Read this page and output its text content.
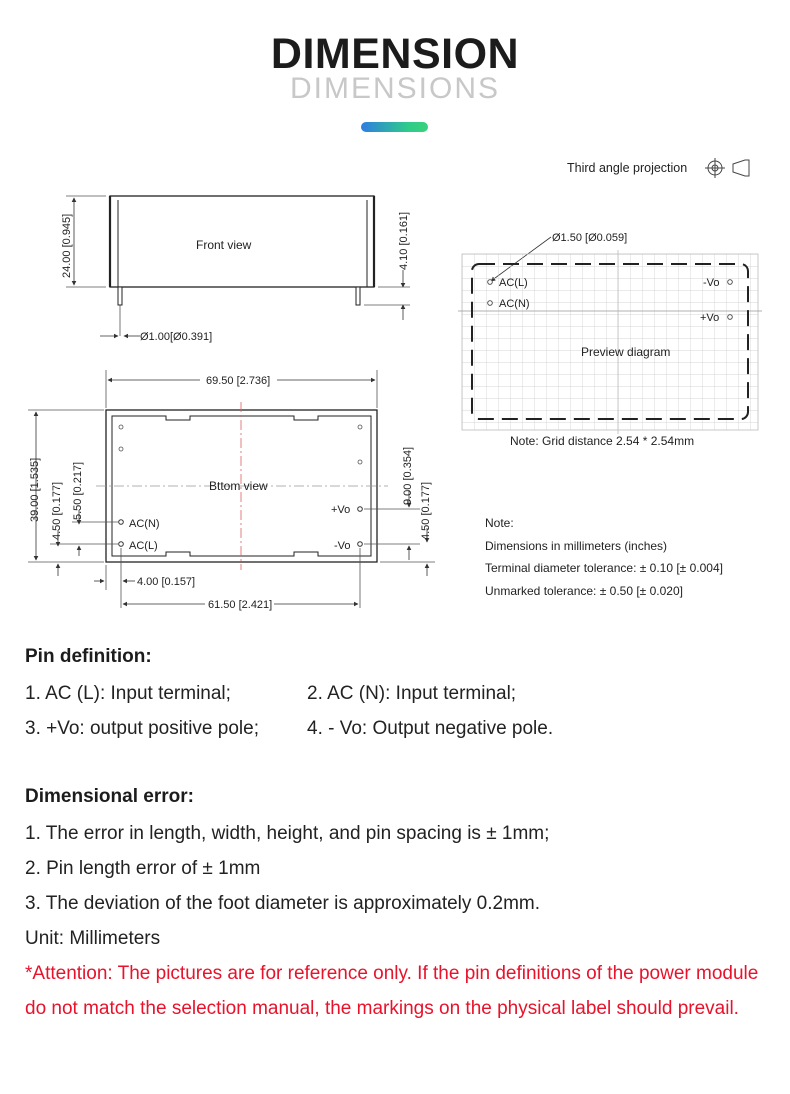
DIMENSION
DIMENSIONS
Third angle projection
Front view
24.00 [0.945]	4.10 [0.161]
Ø1.00[Ø0.391]
69.50 [2.736]
Bttom view
AC(N)
AC(L)
+Vo
-Vo
39.00 [1.535] 4.50 [0.177] 5.50 [0.217]	9.00 [0.354]
4.50 [0.177]
4.00 [0.157]
61.50 [2.421]
Ø1.50 [Ø0.059]
AC(L)
AC(N)
-Vo
+Vo
Preview diagram
Note: Grid distance 2.54 * 2.54mm
Note:
Dimensions in millimeters (inches)
Terminal diameter tolerance: ± 0.10 [± 0.004]
Unmarked tolerance: ± 0.50 [± 0.020]
Pin definition:
1. AC (L): Input terminal;	2. AC (N): Input terminal;
3. +Vo: output positive pole;	4. - Vo: Output negative pole.
Dimensional error:
1. The error in length, width, height, and pin spacing is ± 1mm;
2. Pin length error of ± 1mm
3. The deviation of the foot diameter is approximately 0.2mm.
Unit: Millimeters
*Attention: The pictures are for reference only. If the pin definitions of the power module do not match the selection manual, the markings on the physical label should prevail.
